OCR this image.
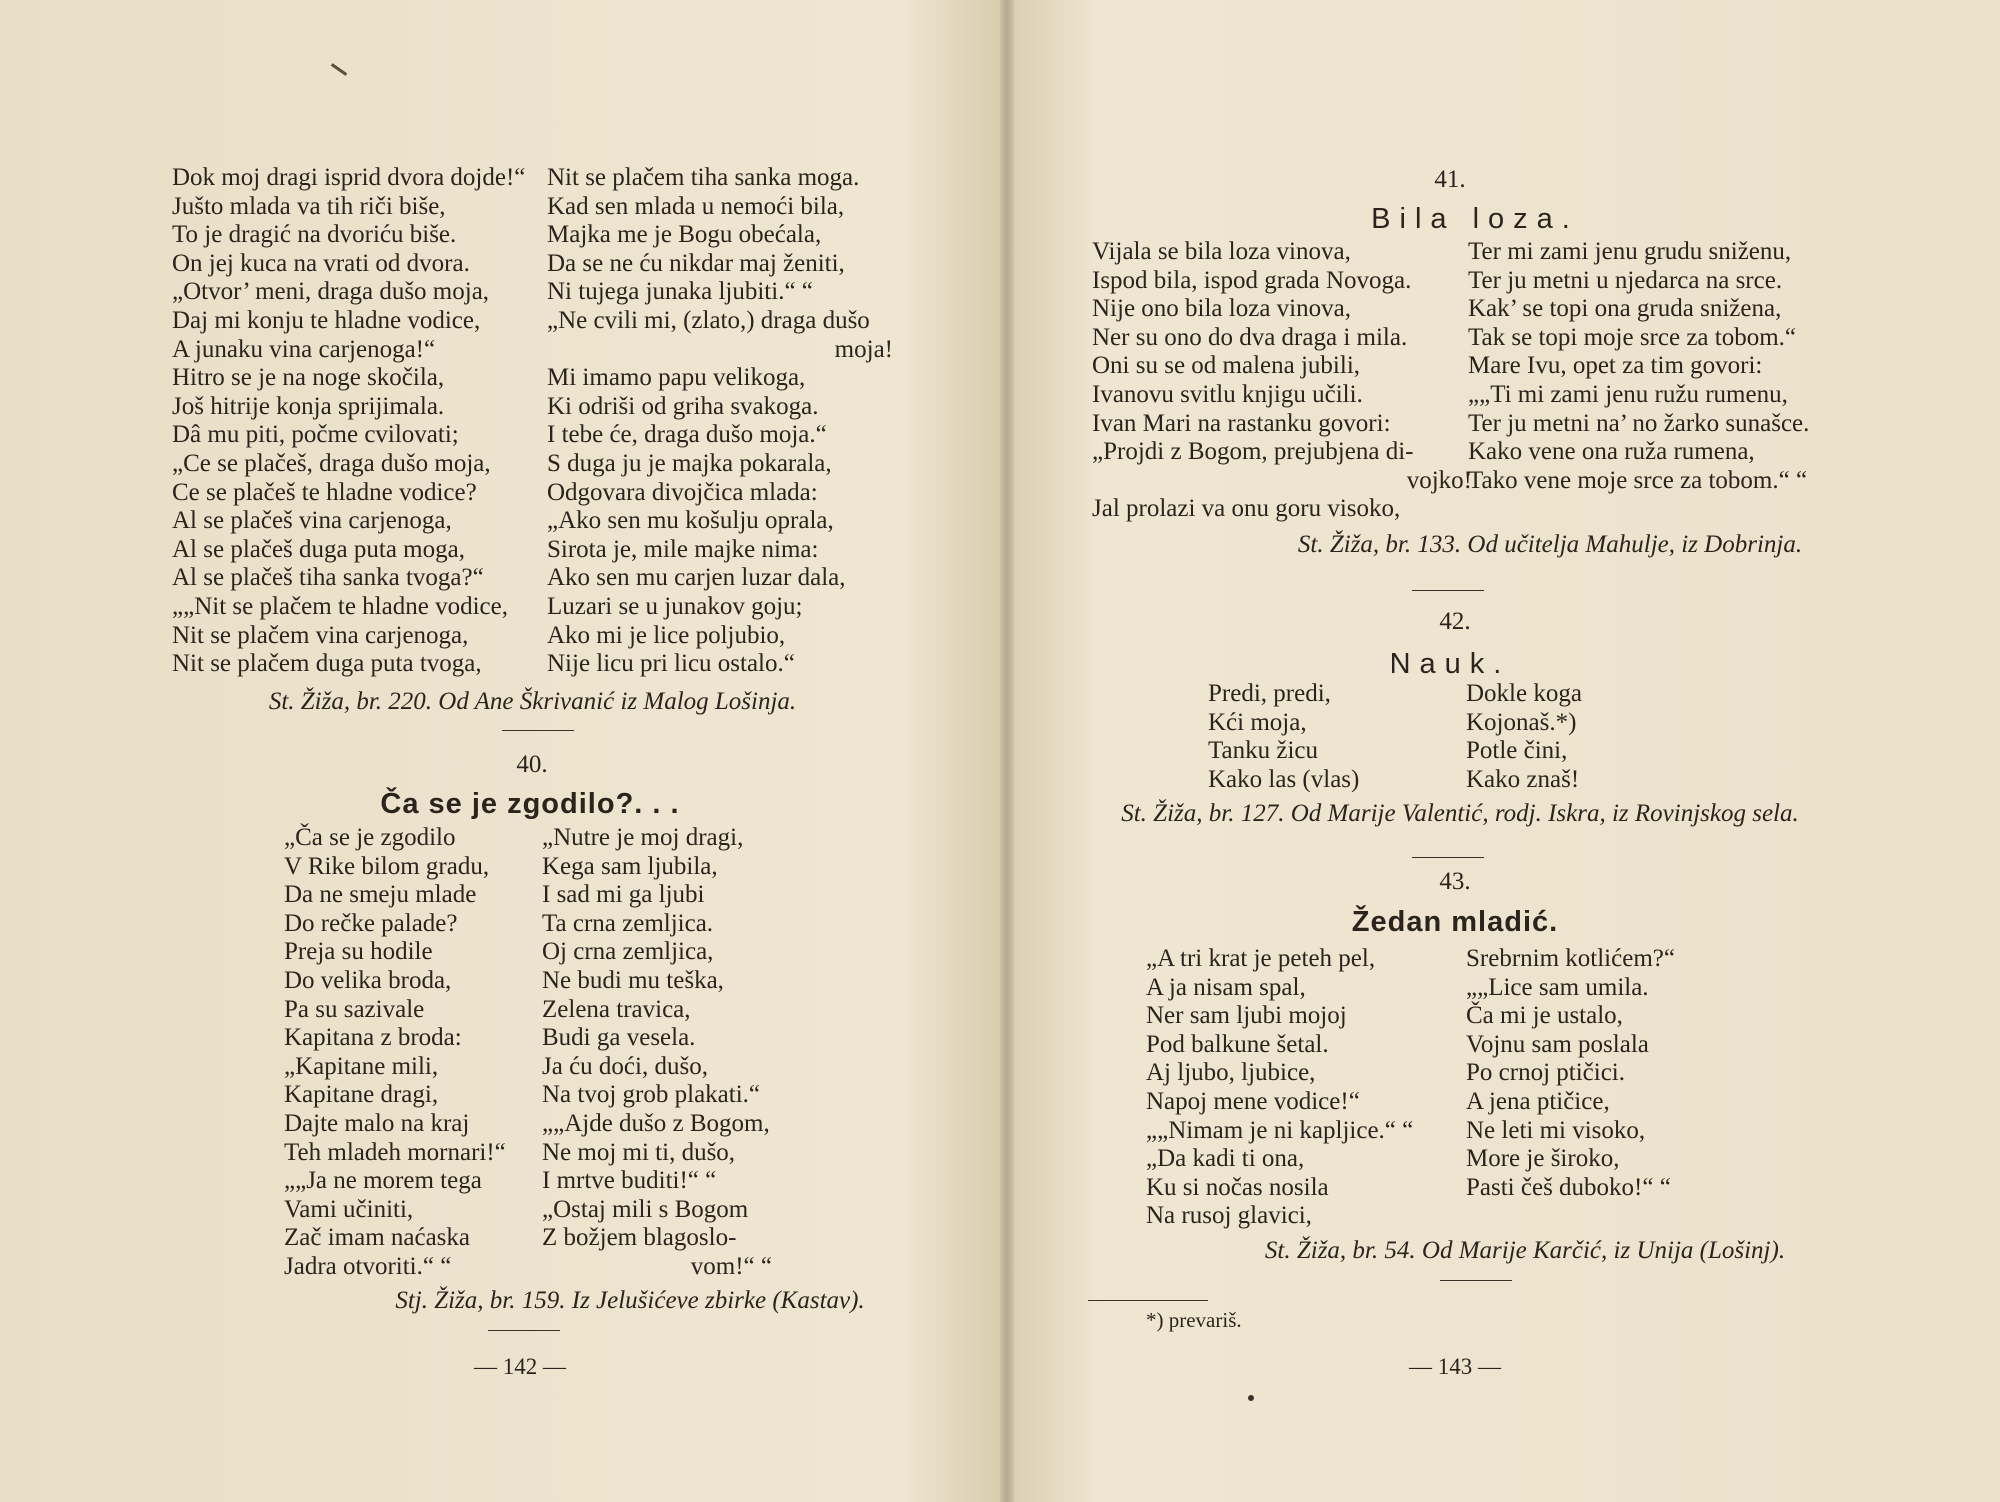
Dok moj dragi isprid dvora dojde!“
Jušto mlada va tih riči biše,
To je dragić na dvoriću biše.
On jej kuca na vrati od dvora.
„Otvor’ meni, draga dušo moja,
Daj mi konju te hladne vodice,
A junaku vina carjenoga!“
Hitro se je na noge skočila,
Još hitrije konja sprijimala.
Dâ mu piti, počme cvilovati;
„Ce se plačeš, draga dušo moja,
Ce se plačeš te hladne vodice?
Al se plačeš vina carjenoga,
Al se plačeš duga puta moga,
Al se plačeš tiha sanka tvoga?“
„„Nit se plačem te hladne vodice,
Nit se plačem vina carjenoga,
Nit se plačem duga puta tvoga,
Nit se plačem tiha sanka moga.
Kad sen mlada u nemoći bila,
Majka me je Bogu obećala,
Da se ne ću nikdar maj ženiti,
Ni tujega junaka ljubiti.“ “
„Ne cvili mi, (zlato,) draga dušo
moja!
Mi imamo papu velikoga,
Ki odriši od griha svakoga.
I tebe će, draga dušo moja.“
S duga ju je majka pokarala,
Odgovara divojčica mlada:
„Ako sen mu košulju oprala,
Sirota je, mile majke nima:
Ako sen mu carjen luzar dala,
Luzari se u junakov goju;
Ako mi je lice poljubio,
Nije licu pri licu ostalo.“
St. Žiža, br. 220. Od Ane Škrivanić iz Malog Lošinja.
40.
Ča se je zgodilo?. . .
„Ča se je zgodilo
V Rike bilom gradu,
Da ne smeju mlade
Do rečke palade?
Preja su hodile
Do velika broda,
Pa su sazivale
Kapitana z broda:
„Kapitane mili,
Kapitane dragi,
Dajte malo na kraj
Teh mladeh mornari!“
„„Ja ne morem tega
Vami učiniti,
Zač imam naćaska
Jadra otvoriti.“ “
„Nutre je moj dragi,
Kega sam ljubila,
I sad mi ga ljubi
Ta crna zemljica.
Oj crna zemljica,
Ne budi mu teška,
Zelena travica,
Budi ga vesela.
Ja ću doći, dušo,
Na tvoj grob plakati.“
„„Ajde dušo z Bogom,
Ne moj mi ti, dušo,
I mrtve buditi!“ “
„Ostaj mili s Bogom
Z božjem blagoslo-
vom!“ “
Stj. Žiža, br. 159. Iz Jelušićeve zbirke (Kastav).
— 142 —
41.
Bila loza.
Vijala se bila loza vinova,
Ispod bila, ispod grada Novoga.
Nije ono bila loza vinova,
Ner su ono do dva draga i mila.
Oni su se od malena jubili,
Ivanovu svitlu knjigu učili.
Ivan Mari na rastanku govori:
„Projdi z Bogom, prejubjena di-
vojko!
Jal prolazi va onu goru visoko,
Ter mi zami jenu grudu sniženu,
Ter ju metni u njedarca na srce.
Kak’ se topi ona gruda snižena,
Tak se topi moje srce za tobom.“
Mare Ivu, opet za tim govori:
„„Ti mi zami jenu ružu rumenu,
Ter ju metni na’ no žarko sunašce.
Kako vene ona ruža rumena,
Tako vene moje srce za tobom.“ “
St. Žiža, br. 133. Od učitelja Mahulje, iz Dobrinja.
42.
Nauk.
Predi, predi,
Kći moja,
Tanku žicu
Kako las (vlas)
Dokle koga
Kojonaš.*)
Potle čini,
Kako znaš!
St. Žiža, br. 127. Od Marije Valentić, rodj. Iskra, iz Rovinjskog sela.
43.
Žedan mladić.
„A tri krat je peteh pel,
A ja nisam spal,
Ner sam ljubi mojoj
Pod balkune šetal.
Aj ljubo, ljubice,
Napoj mene vodice!“
„„Nimam je ni kapljice.“ “
„Da kadi ti ona,
Ku si nočas nosila
Na rusoj glavici,
Srebrnim kotlićem?“
„„Lice sam umila.
Ča mi je ustalo,
Vojnu sam poslala
Po crnoj ptičici.
A jena ptičice,
Ne leti mi visoko,
More je široko,
Pasti češ duboko!“ “
St. Žiža, br. 54. Od Marije Karčić, iz Unija (Lošinj).
*) prevariš.
— 143 —
